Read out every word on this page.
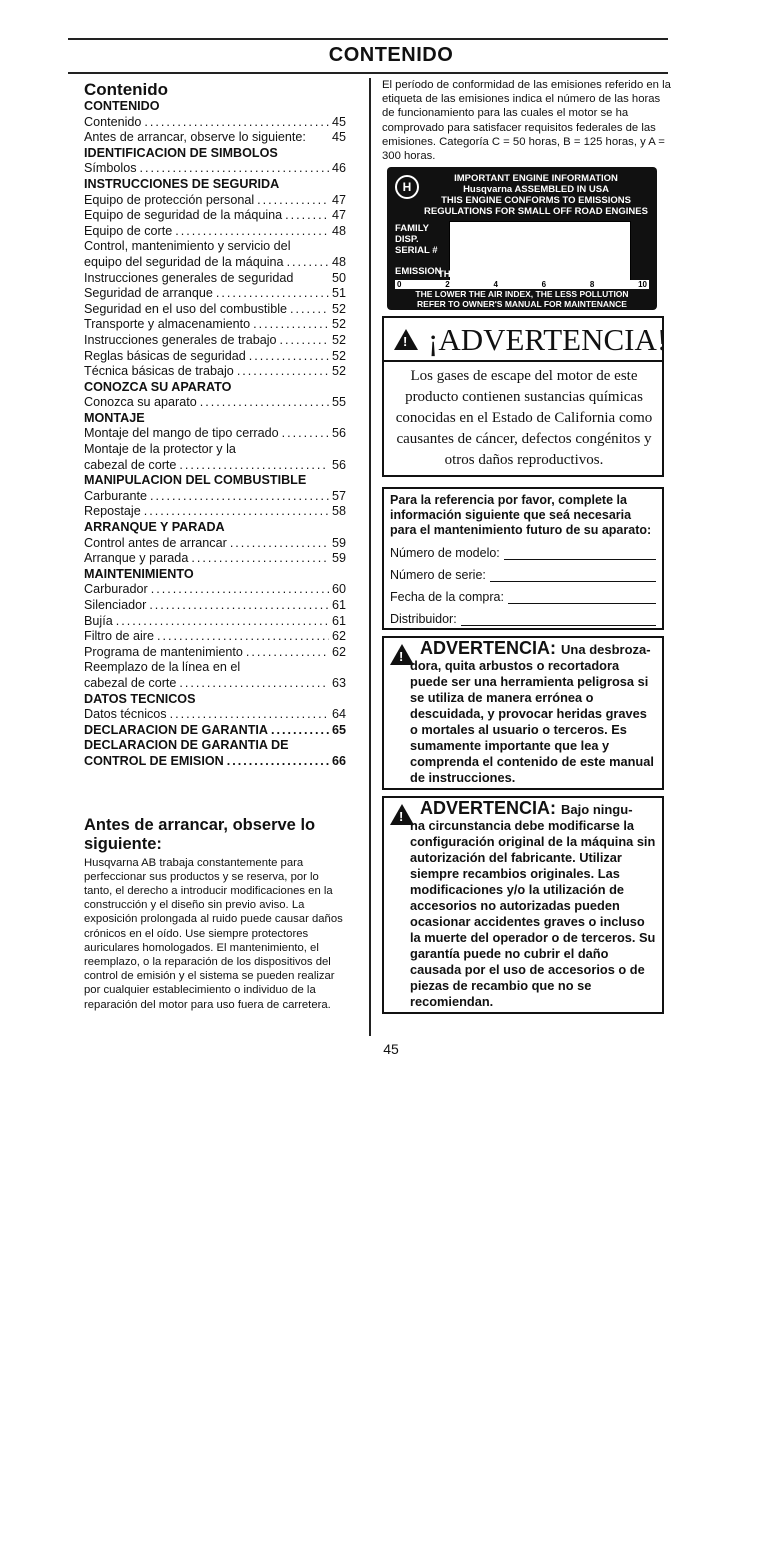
CONTENIDO
Contenido
CONTENIDO
Contenido .....	45
Antes de arrancar, observe lo siguiente: 45
IDENTIFICACION DE SIMBOLOS
Símbolos .....	46
INSTRUCCIONES DE SEGURIDA
Equipo de protección personal .....	47
Equipo de seguridad de la máquina .....	47
Equipo de corte .....	48
Control, mantenimiento y servicio del
equipo del seguridad de la máquina .....	48
Instrucciones generales de seguridad	50
Seguridad de arranque .....	51
Seguridad en el uso del combustible .....	52
Transporte y almacenamiento .....	52
Instrucciones generales de trabajo .....	52
Reglas básicas de seguridad .....	52
Técnica básicas de trabajo .....	52
CONOZCA SU APARATO
Conozca su aparato .....	55
MONTAJE
Montaje del mango de tipo cerrado .....	56
Montaje de la protector y la
cabezal de corte .....	56
MANIPULACION DEL COMBUSTIBLE
Carburante .....	57
Repostaje .....	58
ARRANQUE Y PARADA
Control antes de arrancar .....	59
Arranque y parada .....	59
MAINTENIMIENTO
Carburador .....	60
Silenciador .....	61
Bujía .....	61
Filtro de aire .....	62
Programa de mantenimiento .....	62
Reemplazo de la línea en el
cabezal de corte .....	63
DATOS TECNICOS
Datos técnicos .....	64
DECLARACION DE GARANTIA .....	65
DECLARACION DE GARANTIA DE
CONTROL DE EMISION .....	66
Antes de arrancar, observe lo siguiente:
Husqvarna AB trabaja constantemente para perfeccionar sus productos y se reserva, por lo tanto, el derecho a introducir modificaciones en la construcción y el diseño sin previo aviso. La exposición prolongada al ruido puede causar daños crónicos en el oído. Use siempre protectores auriculares homologados. El mantenimiento, el reemplazo, o la reparación de los dispositivos del control de emisión y el sistema se pueden realizar por cualquier establecimiento o individuo de la reparación del motor para uso fuera de carretera.
El período de conformidad de las emisiones referido en la etiqueta de las emisiones indica el número de las horas de funcionamiento para las cuales el motor se ha comprovado para satisfacer requisitos federales de las emisiones. Categoría C = 50 horas, B = 125 horas, y A = 300 horas.
H
IMPORTANT ENGINE INFORMATION
Husqvarna ASSEMBLED IN USA
THIS ENGINE CONFORMS TO EMISSIONS
REGULATIONS FOR SMALL OFF ROAD ENGINES
FAMILY
DISP.
SERIAL #
EMISSION
THE AIR INDEX OF THIS ENGINE IS 3
0	2	4	6	8	10
THE LOWER THE AIR INDEX, THE LESS POLLUTION
REFER TO OWNER'S MANUAL FOR MAINTENANCE
SPECIFICATIONS AND ADJUSTMENTS.
! ¡ADVERTENCIA!
Los gases de escape del motor de este producto contienen sustancias químicas conocidas en el Estado de California como causantes de cáncer, defectos congénitos y otros daños reproductivos.
Para la referencia por favor, complete la información siguiente que seá necesaria para el mantenimiento futuro de su aparato:
Número de modelo:
Número de serie:
Fecha de la compra:
Distribuidor:
! ADVERTENCIA: Una desbroza-
dora, quita arbustos o recortadora puede ser una herramienta peligrosa si se utiliza de manera errónea o descuidada, y provocar heridas graves o mortales al usuario o terceros. Es sumamente importante que lea y comprenda el contenido de este manual de instrucciones.
! ADVERTENCIA: Bajo ningu-
na circunstancia debe modificarse la configuración original de la máquina sin autorización del fabricante. Utilizar siempre recambios originales. Las modificaciones y/o la utilización de accesorios no autorizadas pueden ocasionar accidentes graves o incluso la muerte del operador o de terceros. Su garantía puede no cubrir el daño causada por el uso de accesorios o de piezas de recambio que no se recomiendan.
45
